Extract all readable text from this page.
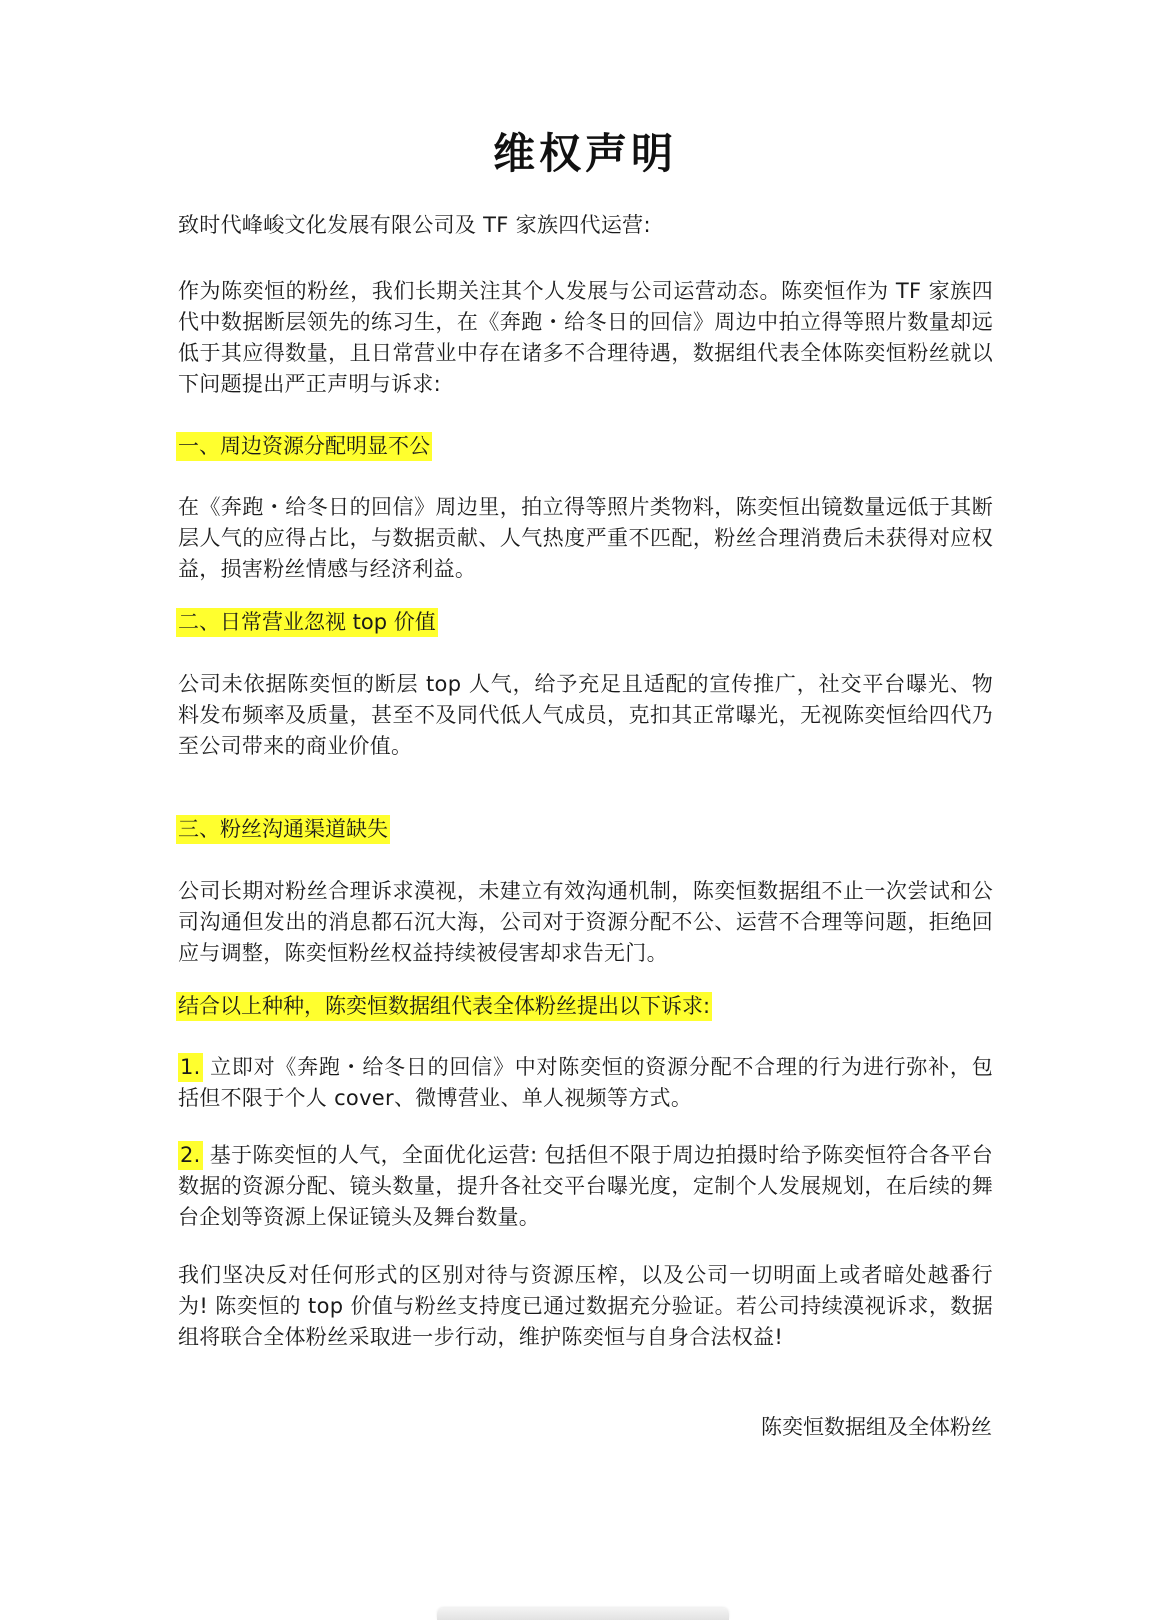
维权声明

致时代峰峻文化发展有限公司及 TF 家族四代运营:

作为陈奕恒的粉丝，我们长期关注其个人发展与公司运营动态。陈奕恒作为 TF 家族四代中数据断层领先的练习生，在《奔跑・给冬日的回信》周边中拍立得等照片数量却远低于其应得数量，且日常营业中存在诸多不合理待遇，数据组代表全体陈奕恒粉丝就以下问题提出严正声明与诉求:

一、周边资源分配明显不公

在《奔跑・给冬日的回信》周边里，拍立得等照片类物料，陈奕恒出镜数量远低于其断层人气的应得占比，与数据贡献、人气热度严重不匹配，粉丝合理消费后未获得对应权益，损害粉丝情感与经济利益。

二、日常营业忽视 top 价值

公司未依据陈奕恒的断层 top 人气，给予充足且适配的宣传推广，社交平台曝光、物料发布频率及质量，甚至不及同代低人气成员，克扣其正常曝光，无视陈奕恒给四代乃至公司带来的商业价值。

三、粉丝沟通渠道缺失

公司长期对粉丝合理诉求漠视，未建立有效沟通机制，陈奕恒数据组不止一次尝试和公司沟通但发出的消息都石沉大海，公司对于资源分配不公、运营不合理等问题，拒绝回应与调整，陈奕恒粉丝权益持续被侵害却求告无门。

结合以上种种，陈奕恒数据组代表全体粉丝提出以下诉求:

1. 立即对《奔跑・给冬日的回信》中对陈奕恒的资源分配不合理的行为进行弥补，包括但不限于个人 cover、微博营业、单人视频等方式。

2. 基于陈奕恒的人气，全面优化运营: 包括但不限于周边拍摄时给予陈奕恒符合各平台数据的资源分配、镜头数量，提升各社交平台曝光度，定制个人发展规划，在后续的舞台企划等资源上保证镜头及舞台数量。

我们坚决反对任何形式的区别对待与资源压榨，以及公司一切明面上或者暗处越番行为! 陈奕恒的 top 价值与粉丝支持度已通过数据充分验证。若公司持续漠视诉求，数据组将联合全体粉丝采取进一步行动，维护陈奕恒与自身合法权益!

陈奕恒数据组及全体粉丝
